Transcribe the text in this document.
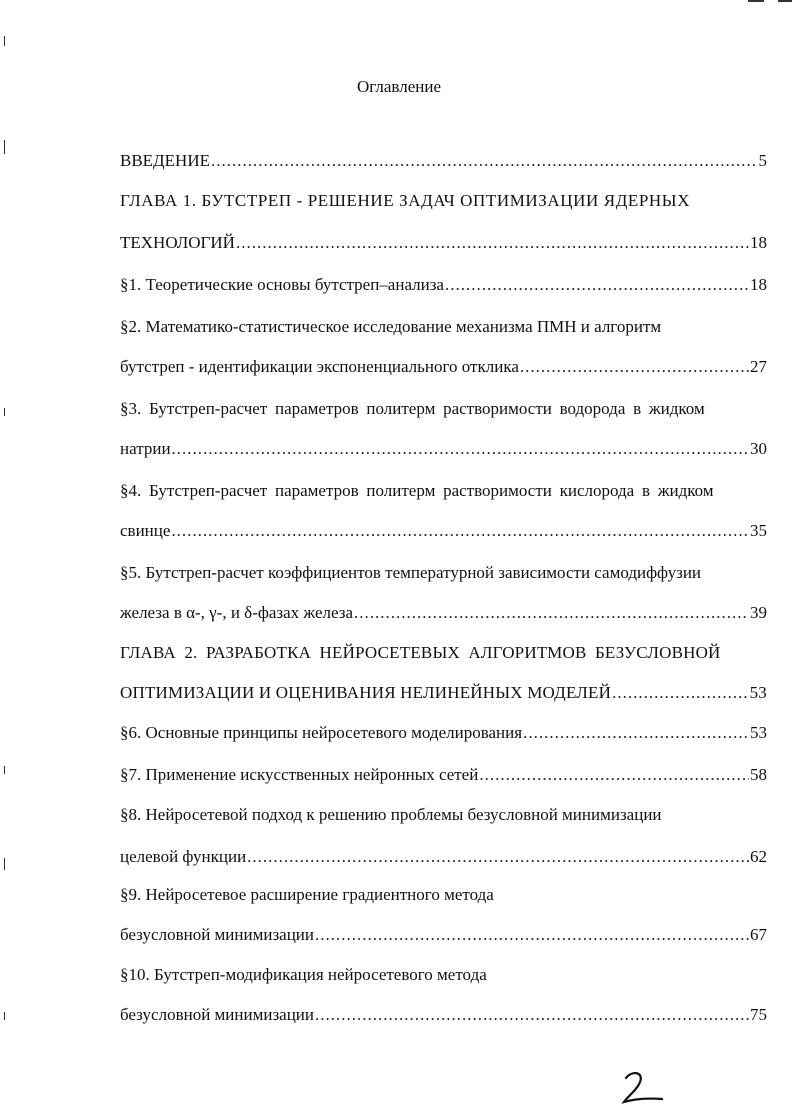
Оглавление
ВВЕДЕНИЕ .....	5
ГЛАВА 1. БУТСТРЕП - РЕШЕНИЕ ЗАДАЧ ОПТИМИЗАЦИИ ЯДЕРНЫХ
ТЕХНОЛОГИЙ .....	18
§1. Теоретические основы бутстреп–анализа .....	18
§2. Математико-статистическое исследование механизма ПМН и алгоритм
бутстреп - идентификации экспоненциального отклика .....	27
§3. Бутстреп-расчет параметров политерм растворимости водорода в жидком
натрии .....	30
§4. Бутстреп-расчет параметров политерм растворимости кислорода в жидком
свинце .....	35
§5. Бутстреп-расчет коэффициентов температурной зависимости самодиффузии
железа в α-, γ-, и δ-фазах железа .....	39
ГЛАВА 2. РАЗРАБОТКА НЕЙРОСЕТЕВЫХ АЛГОРИТМОВ БЕЗУСЛОВНОЙ
ОПТИМИЗАЦИИ И ОЦЕНИВАНИЯ НЕЛИНЕЙНЫХ МОДЕЛЕЙ .....	53
§6. Основные принципы нейросетевого моделирования .....	53
§7. Применение искусственных нейронных сетей .....	58
§8. Нейросетевой подход к решению проблемы безусловной минимизации
целевой функции .....	62
§9. Нейросетевое расширение градиентного метода
безусловной минимизации .....	67
§10. Бутстреп-модификация нейросетевого метода
безусловной минимизации .....	75
